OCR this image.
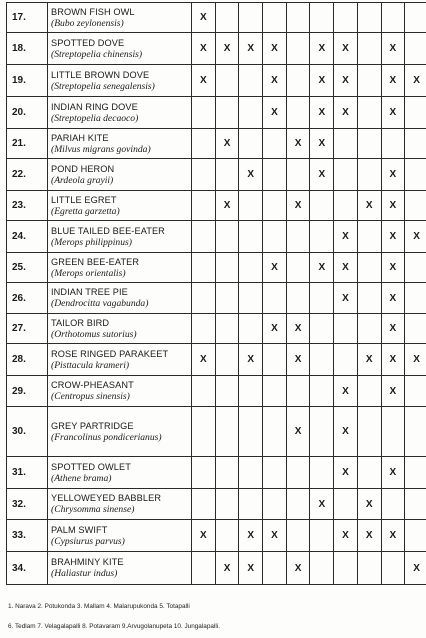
17.	BROWN FISH OWL
(Bubo zeylonensis)	X									
18.	SPOTTED DOVE
(Streptopelia chinensis)	X	X	X	X		X	X		X	
19.	LITTLE BROWN DOVE
(Streptopelia senegalensis)	X			X		X	X		X	X
20.	INDIAN RING DOVE
(Streptopelia decaoco)				X		X	X		X	
21.	PARIAH KITE
(Milvus migrans govinda)		X			X	X				
22.	POND HERON
(Ardeola grayii)			X			X			X	
23.	LITTLE EGRET
(Egretta garzetta)		X			X			X	X	
24.	BLUE TAILED BEE-EATER
(Merops philippinus)							X		X	X
25.	GREEN BEE-EATER
(Merops orientalis)				X		X	X		X	
26.	INDIAN TREE PIE
(Dendrocitta vagabunda)							X		X	
27.	TAILOR BIRD
(Orthotomus sutorius)				X	X				X	
28.	ROSE RINGED PARAKEET
(Pisttacula krameri)	X		X		X			X	X	X
29.	CROW-PHEASANT
(Centropus sinensis)							X		X	
30.	GREY PARTRIDGE
(Francolinus pondicerianus)					X		X			
31.	SPOTTED OWLET
(Athene brama)							X		X	
32.	YELLOWEYED BABBLER
(Chrysomma sinense)						X		X		
33.	PALM SWIFT
(Cypsiurus parvus)	X		X	X			X	X	X	
34.	BRAHMINY KITE
(Haliastur indus)		X	X		X					X
1. Narava 2. Potukonda 3. Mallam 4. Malarupukonda 5. Totapalli
6. Tedlam 7. Velagalapalli 8. Potavaram 9.Arvugolanupeta 10. Jungalapalli.
